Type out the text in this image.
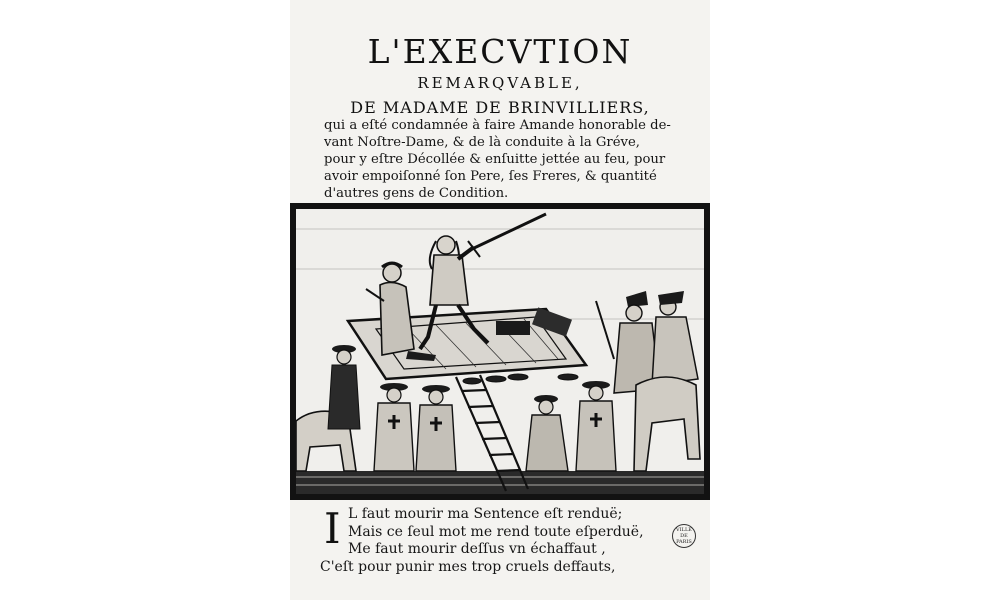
L'EXECVTION
REMARQVABLE,
DE MADAME DE BRINVILLIERS,
qui a eſté condamnée à faire Amande honorable de-
vant Noſtre-Dame, & de là conduite à la Gréve,
pour y eſtre Décollée & enſuitte jettée au feu, pour
avoir empoiſonné ſon Pere, ſes Freres, & quantité
d'autres gens de Condition.
I L faut mourir ma Sentence eſt renduë;
Mais ce ſeul mot me rend toute eſperduë,
Me faut mourir deſſus vn échaffaut ,
C'eſt pour punir mes trop cruels deffauts,
VILLE DE PARIS
